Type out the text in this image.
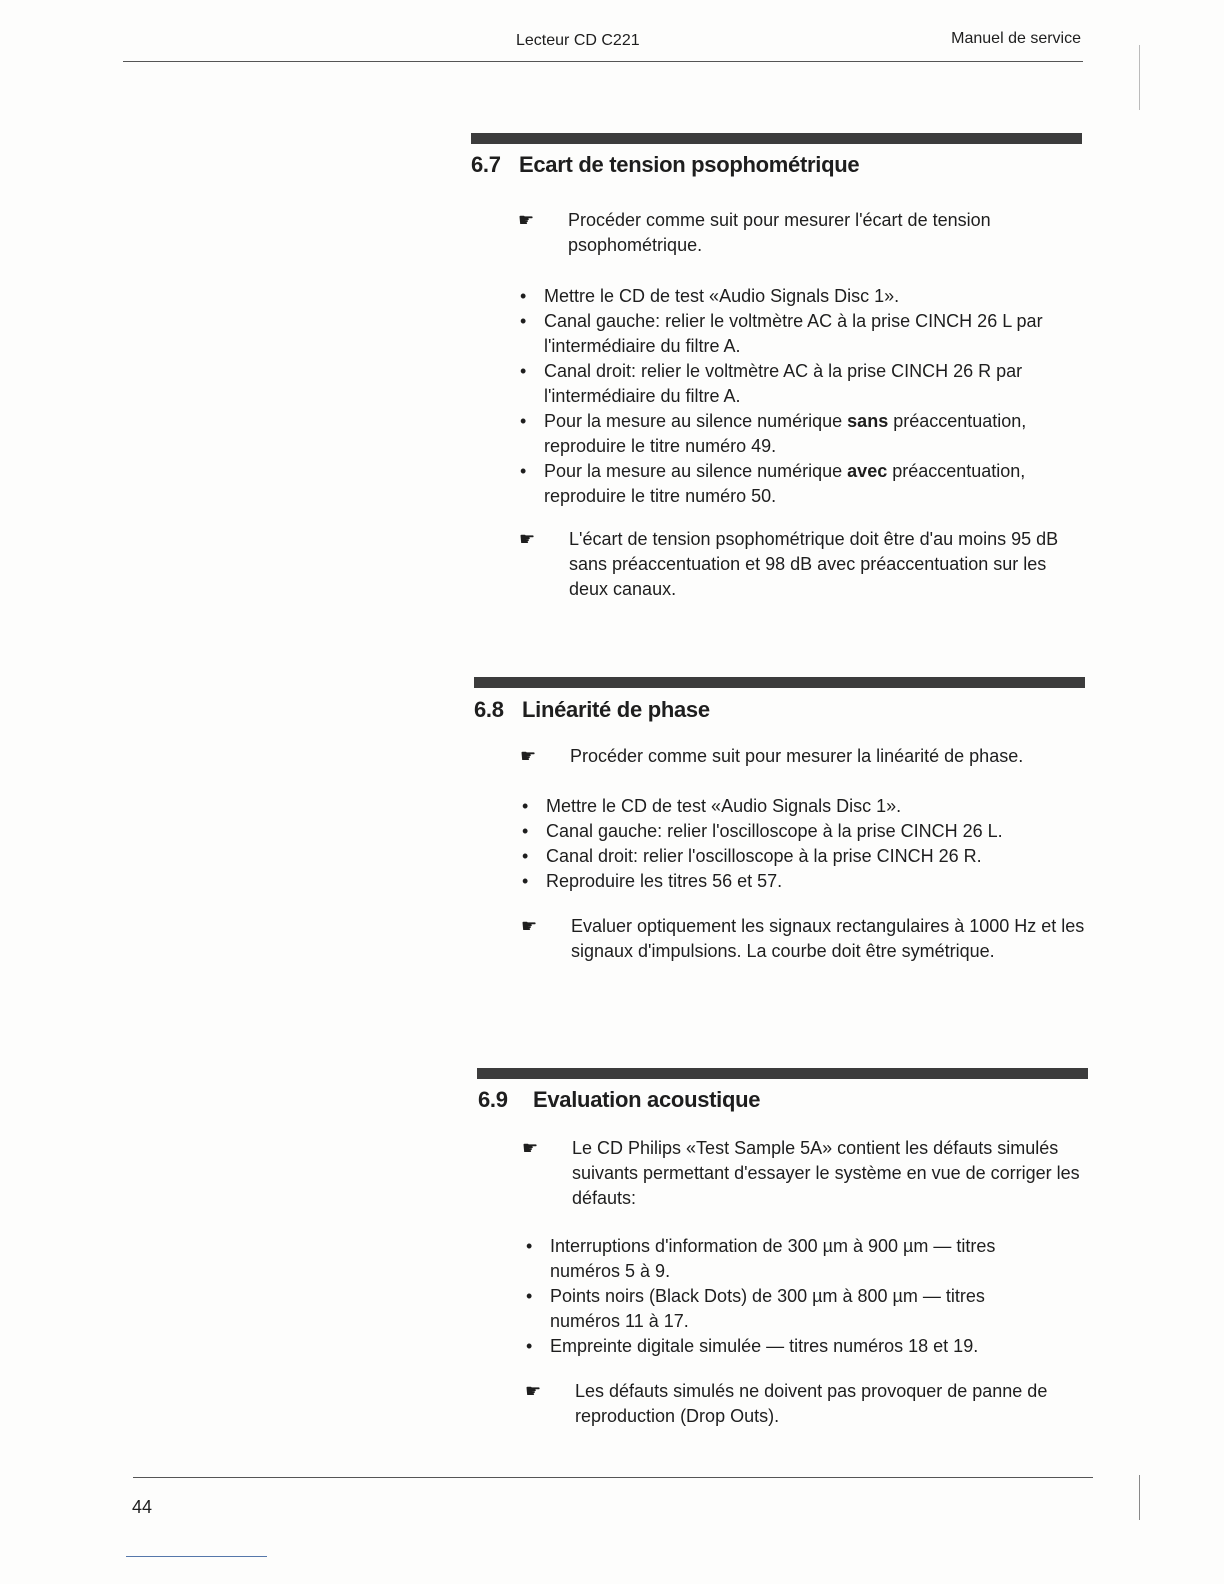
Lecteur CD C221	Manuel de service
6.7 Ecart de tension psophométrique
☛ Procéder comme suit pour mesurer l'écart de tension psophométrique.
• Mettre le CD de test «Audio Signals Disc 1».
• Canal gauche: relier le voltmètre AC à la prise CINCH 26 L par l'intermédiaire du filtre A.
• Canal droit: relier le voltmètre AC à la prise CINCH 26 R par l'intermédiaire du filtre A.
• Pour la mesure au silence numérique sans préaccentuation, reproduire le titre numéro 49.
• Pour la mesure au silence numérique avec préaccentuation, reproduire le titre numéro 50.
☛ L'écart de tension psophométrique doit être d'au moins 95 dB sans préaccentuation et 98 dB avec préaccentuation sur les deux canaux.
6.8 Linéarité de phase
☛ Procéder comme suit pour mesurer la linéarité de phase.
• Mettre le CD de test «Audio Signals Disc 1».
• Canal gauche: relier l'oscilloscope à la prise CINCH 26 L.
• Canal droit: relier l'oscilloscope à la prise CINCH 26 R.
• Reproduire les titres 56 et 57.
☛ Evaluer optiquement les signaux rectangulaires à 1000 Hz et les signaux d'impulsions. La courbe doit être symétrique.
6.9 Evaluation acoustique
☛ Le CD Philips «Test Sample 5A» contient les défauts simulés suivants permettant d'essayer le système en vue de corriger les défauts:
• Interruptions d'information de 300 µm à 900 µm — titres numéros 5 à 9.
• Points noirs (Black Dots) de 300 µm à 800 µm — titres numéros 11 à 17.
• Empreinte digitale simulée — titres numéros 18 et 19.
☛ Les défauts simulés ne doivent pas provoquer de panne de reproduction (Drop Outs).
44
